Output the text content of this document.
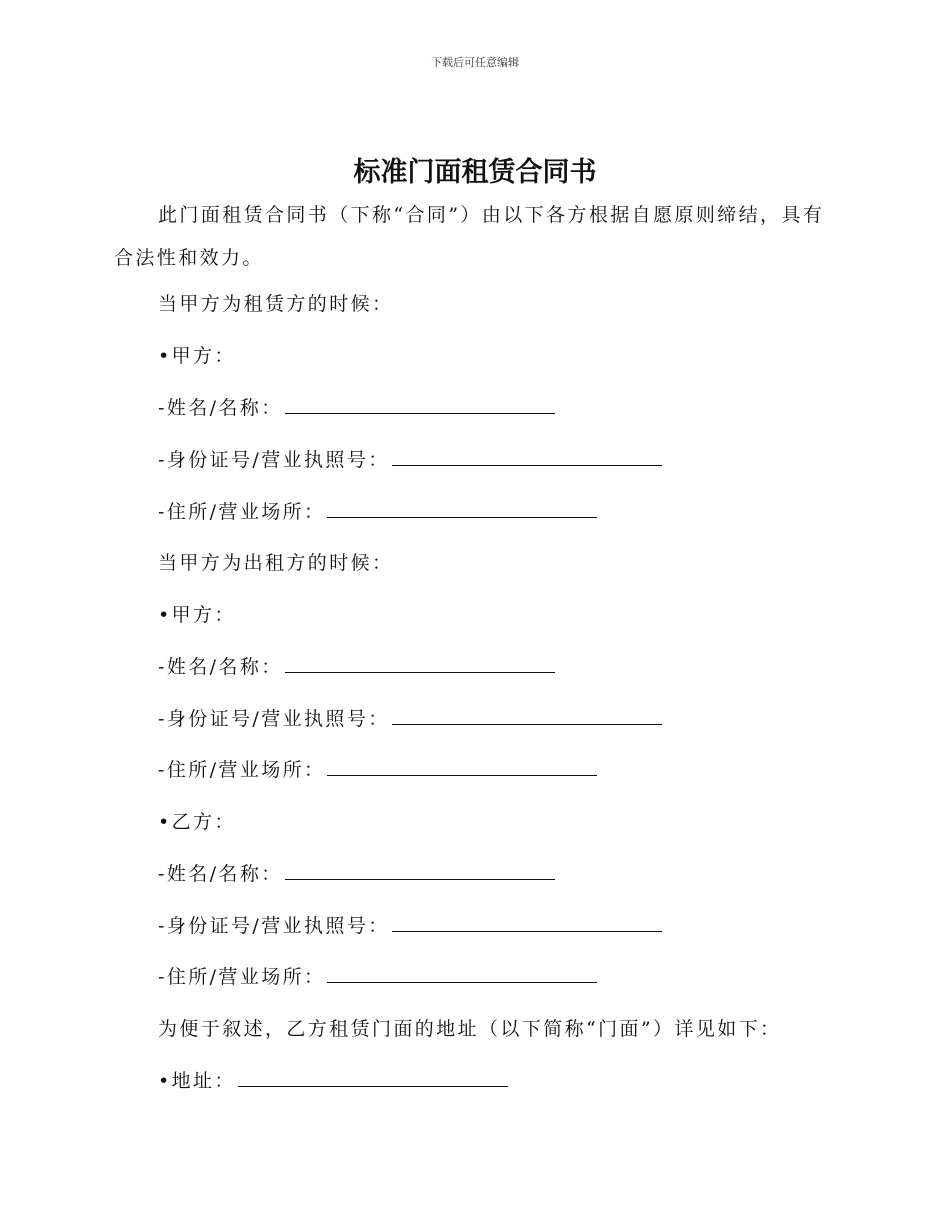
下载后可任意编辑
标准门面租赁合同书

此门面租赁合同书（下称“合同”）由以下各方根据自愿原则缔结，具有合法性和效力。

当甲方为租赁方的时候：
•甲方：
-姓名/名称：
-身份证号/营业执照号：
-住所/营业场所：
当甲方为出租方的时候：
•甲方：
-姓名/名称：
-身份证号/营业执照号：
-住所/营业场所：
•乙方：
-姓名/名称：
-身份证号/营业执照号：
-住所/营业场所：
为便于叙述，乙方租赁门面的地址（以下简称“门面”）详见如下：
•地址：
